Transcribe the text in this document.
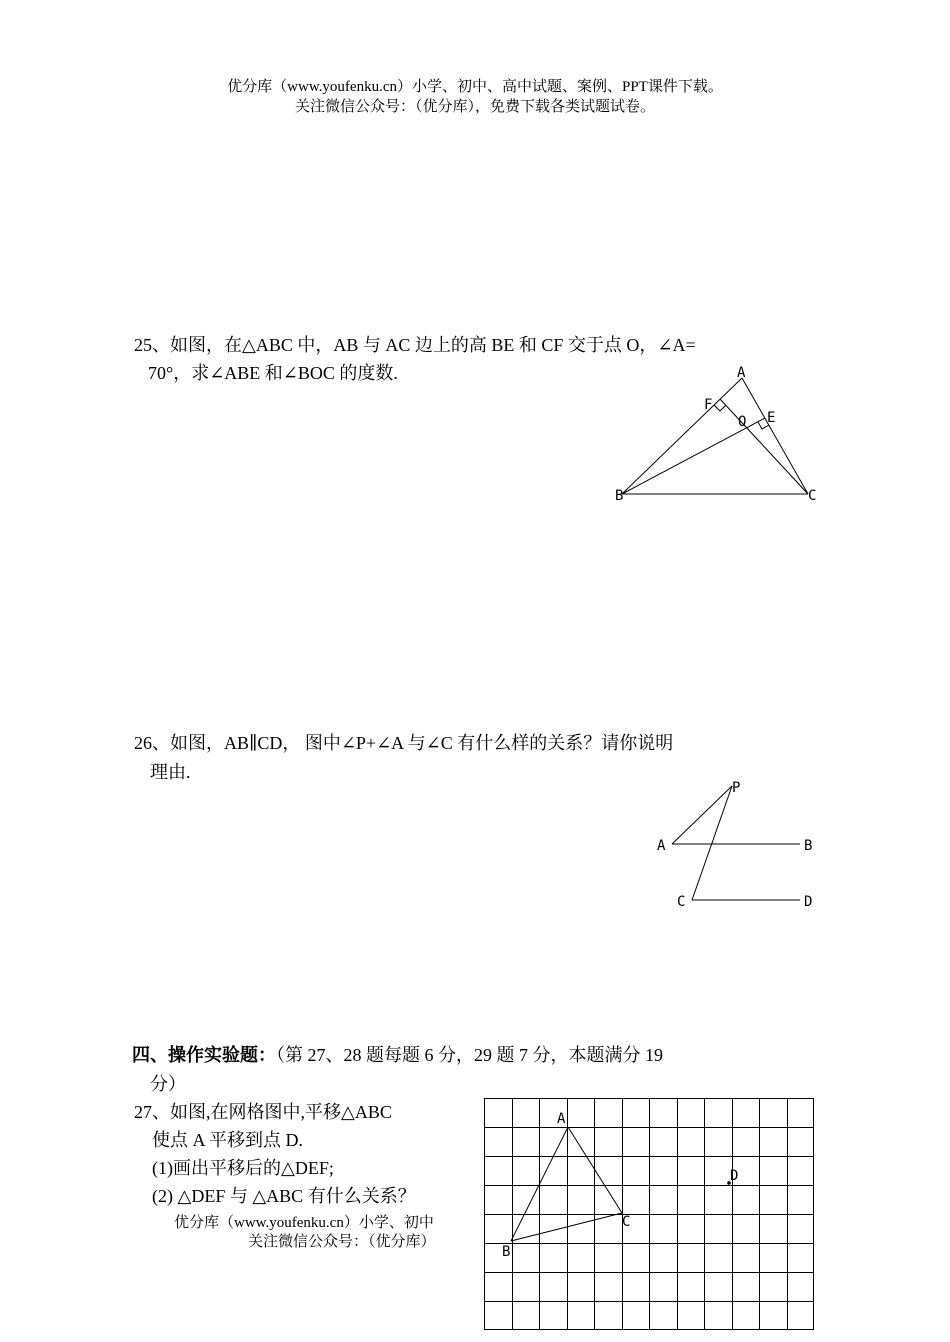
优分库（www.youfenku.cn）小学、初中、高中试题、案例、PPT课件下载。
关注微信公众号：（优分库），免费下载各类试题试卷。
25、如图，在△ABC 中，AB 与 AC 边上的高 BE 和 CF 交于点 O，∠A=
70°，求∠ABE 和∠BOC 的度数.	A
F
O E
B	C
26、如图，AB∥CD， 图中∠P+∠A 与∠C 有什么样的关系？请你说明
理由.
P
A	B
C	D
四、操作实验题：（第 27、28 题每题 6 分，29 题 7 分，本题满分 19
分）
27、如图,在网格图中,平移△ABC
使点 A 平移到点 D.
(1)画出平移后的△DEF;
(2) △DEF 与 △ABC 有什么关系？
优分库（www.youfenku.cn）小学、初中
关注微信公众号：（优分库）
A
B
C
D
